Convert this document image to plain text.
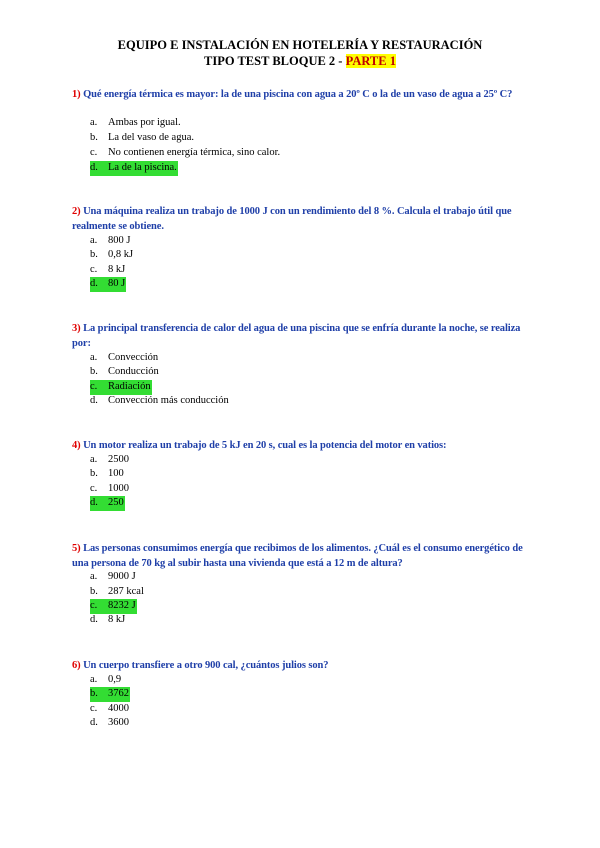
EQUIPO E INSTALACIÓN EN HOTELERÍA Y RESTAURACIÓN
TIPO TEST BLOQUE 2 - PARTE 1
1) Qué energía térmica es mayor: la de una piscina con agua a 20º C o la de un vaso de agua a 25º C?
a. Ambas por igual.
b. La del vaso de agua.
c. No contienen energía térmica, sino calor.
d. La de la piscina.
2) Una máquina realiza un trabajo de 1000 J con un rendimiento del 8 %. Calcula el trabajo útil que realmente se obtiene.
a. 800 J
b. 0,8 kJ
c. 8 kJ
d. 80 J
3) La principal transferencia de calor del agua de una piscina que se enfría durante la noche, se realiza por:
a. Convección
b. Conducción
c. Radiación
d. Convección más conducción
4) Un motor realiza un trabajo de 5 kJ en 20 s, cual es la potencia del motor en vatios:
a. 2500
b. 100
c. 1000
d. 250
5) Las personas consumimos energía que recibimos de los alimentos. ¿Cuál es el consumo energético de una persona de 70 kg al subir hasta una vivienda que está a 12 m de altura?
a. 9000 J
b. 287 kcal
c. 8232 J
d. 8 kJ
6) Un cuerpo transfiere a otro 900 cal, ¿cuántos julios son?
a. 0,9
b. 3762
c. 4000
d. 3600
